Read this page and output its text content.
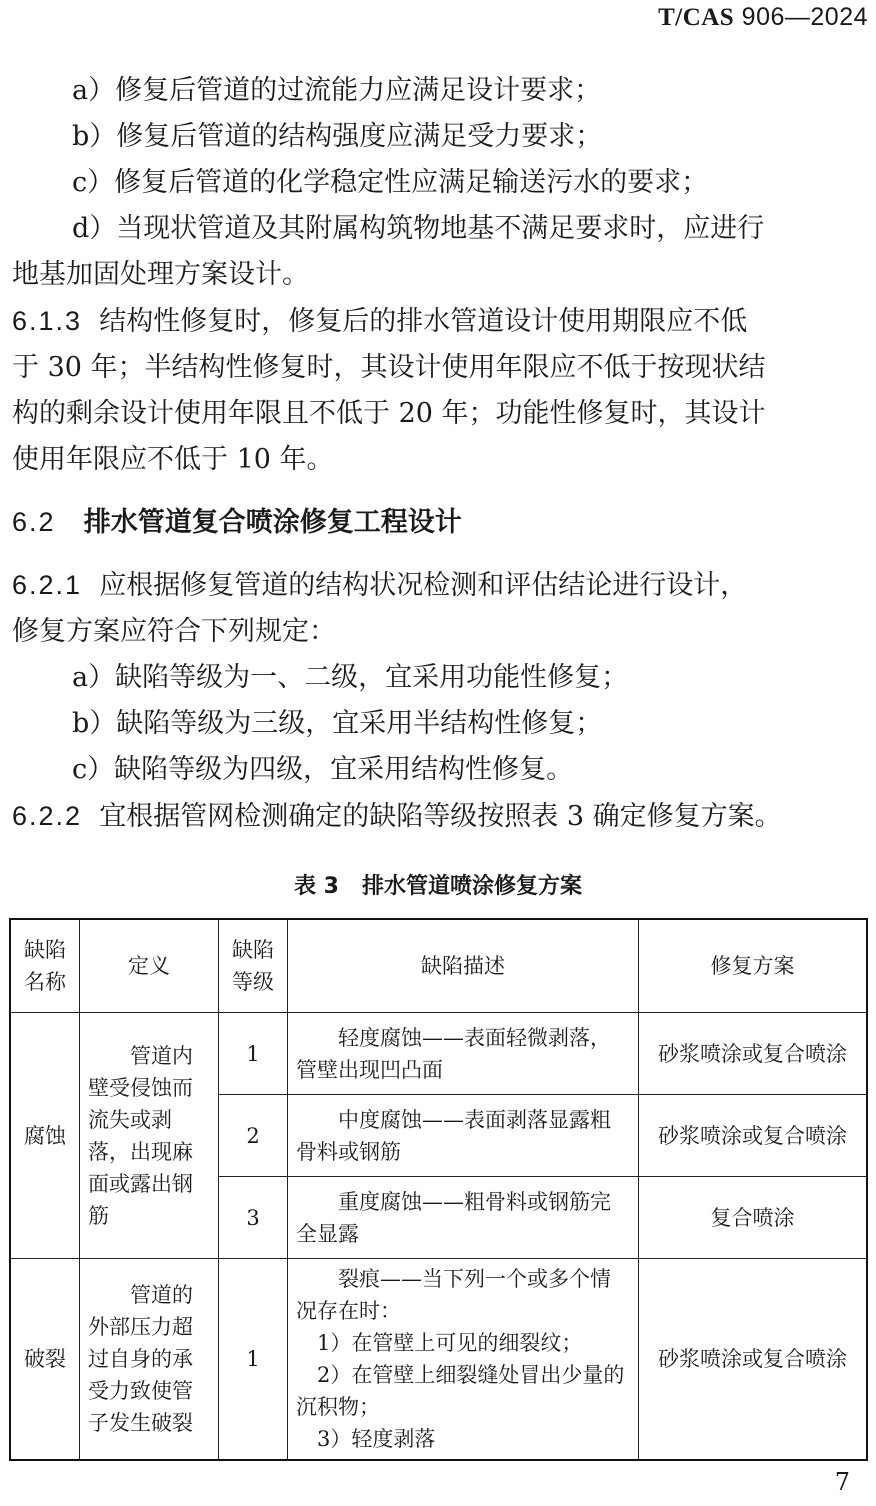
T/CAS 906—2024
a）修复后管道的过流能力应满足设计要求；
b）修复后管道的结构强度应满足受力要求；
c）修复后管道的化学稳定性应满足输送污水的要求；
d）当现状管道及其附属构筑物地基不满足要求时，应进行
地基加固处理方案设计。
6.1.3 结构性修复时，修复后的排水管道设计使用期限应不低
于 30 年；半结构性修复时，其设计使用年限应不低于按现状结
构的剩余设计使用年限且不低于 20 年；功能性修复时，其设计
使用年限应不低于 10 年。
6.2 排水管道复合喷涂修复工程设计
6.2.1 应根据修复管道的结构状况检测和评估结论进行设计，
修复方案应符合下列规定：
a）缺陷等级为一、二级，宜采用功能性修复；
b）缺陷等级为三级，宜采用半结构性修复；
c）缺陷等级为四级，宜采用结构性修复。
6.2.2 宜根据管网检测确定的缺陷等级按照表 3 确定修复方案。
表 3 排水管道喷涂修复方案
缺陷名称	定义	缺陷等级	缺陷描述	修复方案
腐蚀	管道内壁受侵蚀而流失或剥落，出现麻面或露出钢筋	1	轻度腐蚀——表面轻微剥落，管壁出现凹凸面	砂浆喷涂或复合喷涂
		2	中度腐蚀——表面剥落显露粗骨料或钢筋	砂浆喷涂或复合喷涂
		3	重度腐蚀——粗骨料或钢筋完全显露	复合喷涂
破裂	管道的外部压力超过自身的承受力致使管子发生破裂	1	裂痕——当下列一个或多个情况存在时：
1）在管壁上可见的细裂纹；
2）在管壁上细裂缝处冒出少量的沉积物；
3）轻度剥落	砂浆喷涂或复合喷涂
7
